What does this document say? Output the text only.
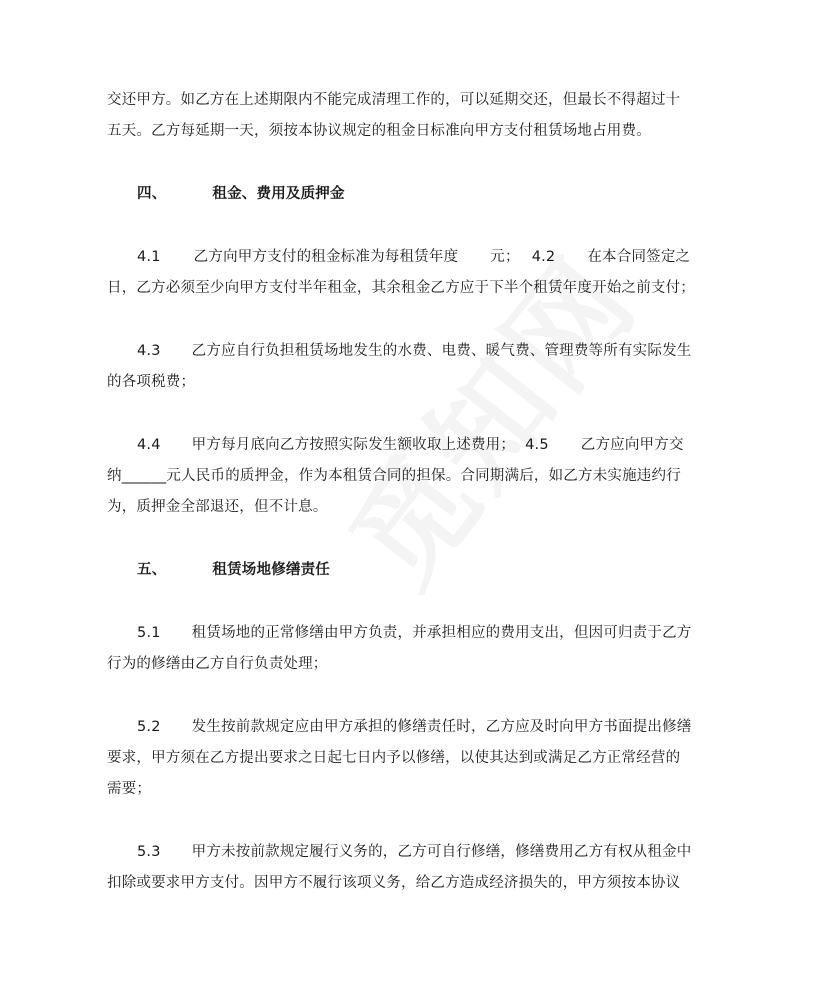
交还甲方。如乙方在上述期限内不能完成清理工作的，可以延期交还，但最长不得超过十
五天。乙方每延期一天，须按本协议规定的租金日标准向甲方支付租赁场地占用费。
四、	租金、费用及质押金
4.1 乙方向甲方支付的租金标准为每租赁年度 元； 4.2 在本合同签定之
日，乙方必须至少向甲方支付半年租金，其余租金乙方应于下半个租赁年度开始之前支付；
4.3 乙方应自行负担租赁场地发生的水费、电费、暖气费、管理费等所有实际发生
的各项税费；
4.4 甲方每月底向乙方按照实际发生额收取上述费用； 4.5 乙方应向甲方交
纳______元人民币的质押金，作为本租赁合同的担保。合同期满后，如乙方未实施违约行
为，质押金全部退还，但不计息。
五、	租赁场地修缮责任
5.1 租赁场地的正常修缮由甲方负责，并承担相应的费用支出，但因可归责于乙方
行为的修缮由乙方自行负责处理；
5.2 发生按前款规定应由甲方承担的修缮责任时，乙方应及时向甲方书面提出修缮
要求，甲方须在乙方提出要求之日起七日内予以修缮，以使其达到或满足乙方正常经营的
需要；
5.3 甲方未按前款规定履行义务的，乙方可自行修缮，修缮费用乙方有权从租金中
扣除或要求甲方支付。因甲方不履行该项义务，给乙方造成经济损失的，甲方须按本协议
